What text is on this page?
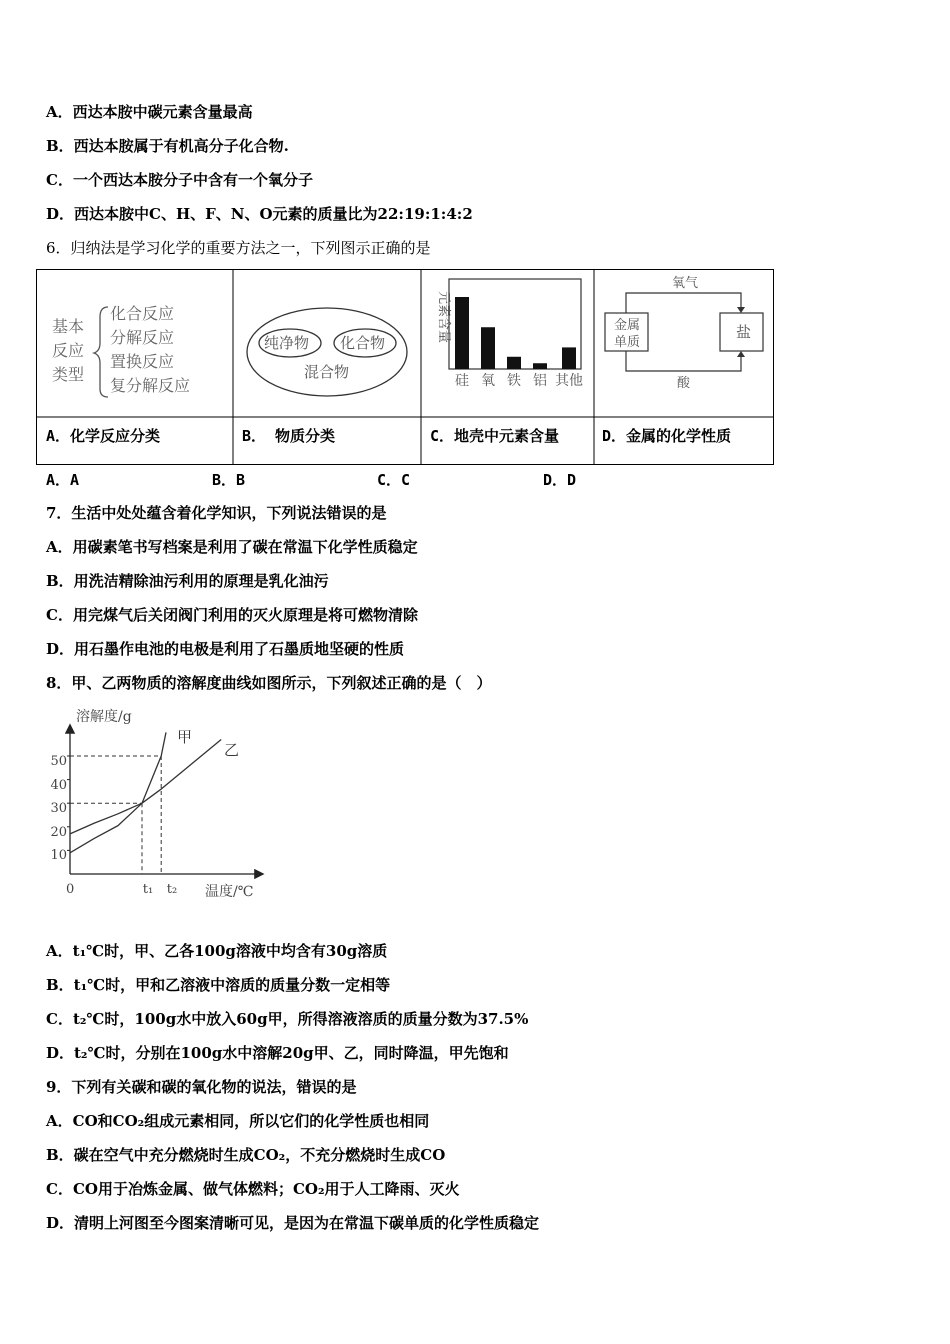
A．西达本胺中碳元素含量最高
B．西达本胺属于有机高分子化合物.
C．一个西达本胺分子中含有一个氧分子
D．西达本胺中C、H、F、N、O元素的质量比为22:19:1:4:2
6．归纳法是学习化学的重要方法之一，下列图示正确的是
基本
反应
类型
化合反应
分解反应
置换反应
复分解反应
A．化学反应分类
纯净物 化合物
混合物
B． 物质分类
元素含量
硅 氧 铁 铝 其他
C．地壳中元素含量
金属
单质
盐
氧气
酸
D．金属的化学性质
A．A	B．B	C．C	D．D
7．生活中处处蕴含着化学知识，下列说法错误的是
A．用碳素笔书写档案是利用了碳在常温下化学性质稳定
B．用洗洁精除油污利用的原理是乳化油污
C．用完煤气后关闭阀门利用的灭火原理是将可燃物清除
D．用石墨作电池的电极是利用了石墨质地坚硬的性质
8．甲、乙两物质的溶解度曲线如图所示，下列叙述正确的是（　）
溶解度/g
温度/℃
0
50
40
30
20
10
t₁ t₂
甲
乙
A．t₁℃时，甲、乙各100g溶液中均含有30g溶质
B．t₁℃时，甲和乙溶液中溶质的质量分数一定相等
C．t₂℃时，100g水中放入60g甲，所得溶液溶质的质量分数为37.5%
D．t₂℃时，分别在100g水中溶解20g甲、乙，同时降温，甲先饱和
9．下列有关碳和碳的氧化物的说法，错误的是
A．CO和CO₂组成元素相同，所以它们的化学性质也相同
B．碳在空气中充分燃烧时生成CO₂，不充分燃烧时生成CO
C．CO用于冶炼金属、做气体燃料；CO₂用于人工降雨、灭火
D．清明上河图至今图案清晰可见，是因为在常温下碳单质的化学性质稳定
